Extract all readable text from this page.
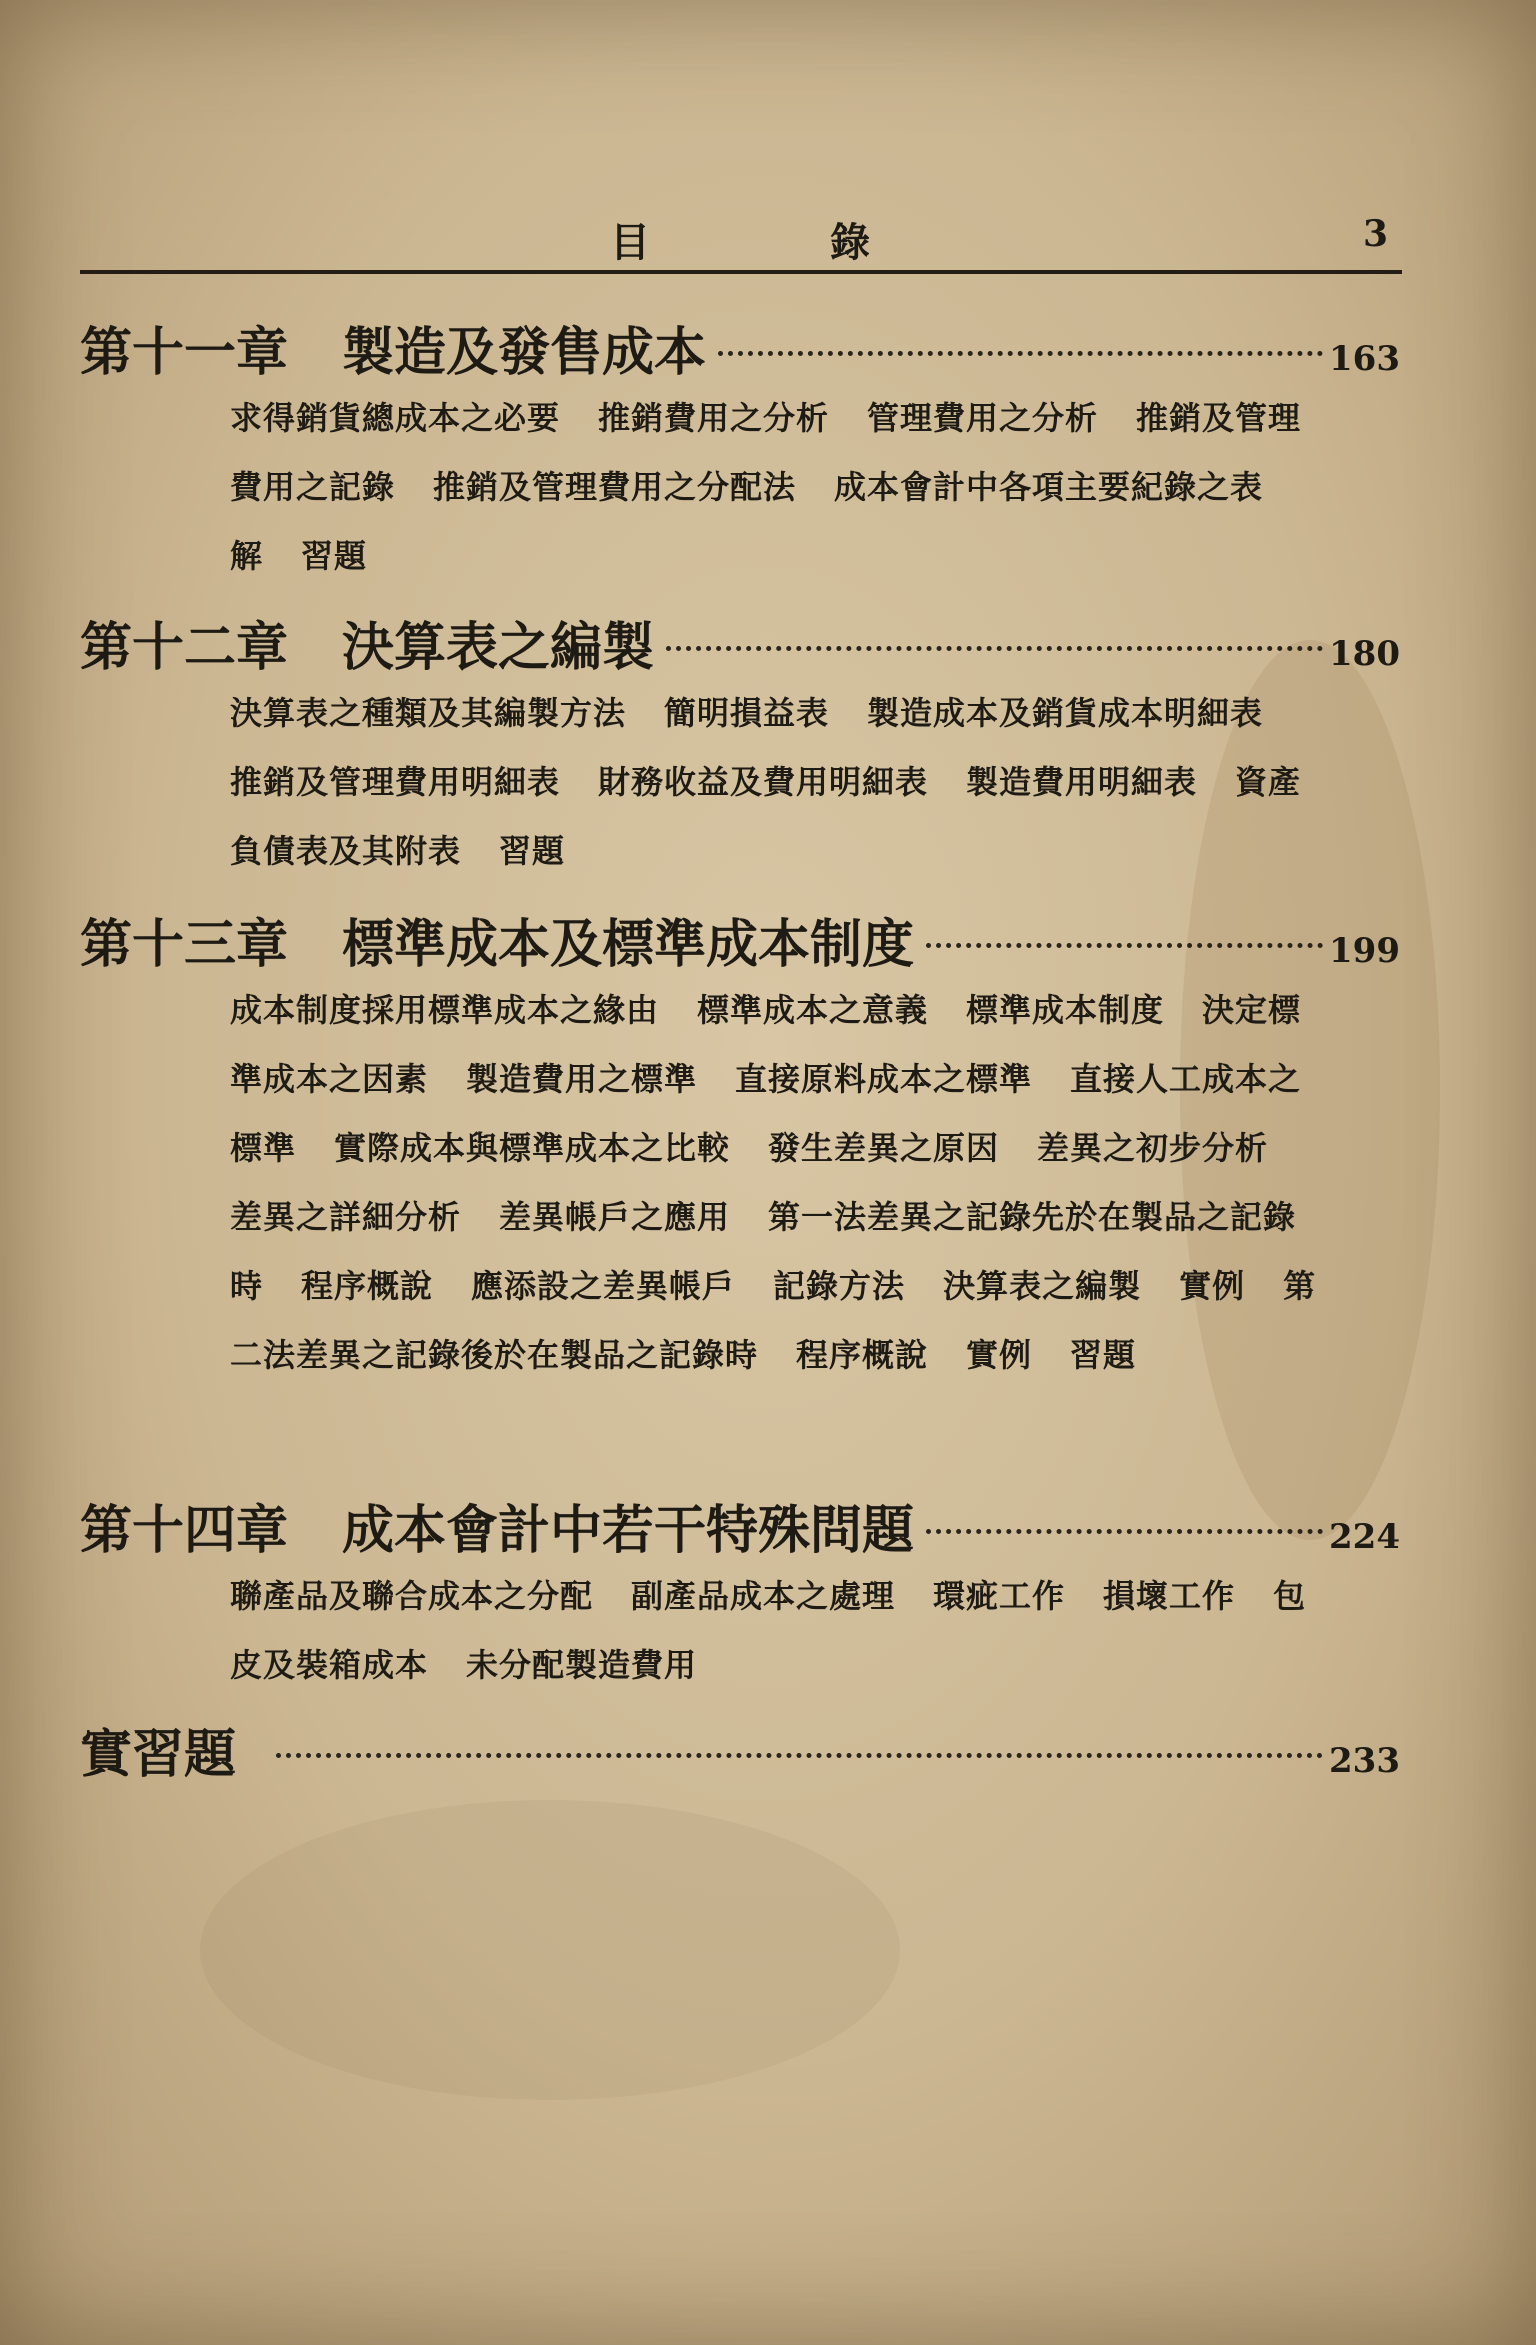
目錄	3
第十一章 製造及發售成本	163
求得銷貨總成本之必要 推銷費用之分析 管理費用之分析 推銷及管理費用之記錄 推銷及管理費用之分配法 成本會計中各項主要紀錄之表解 習題
第十二章 決算表之編製	180
決算表之種類及其編製方法 簡明損益表 製造成本及銷貨成本明細表推銷及管理費用明細表 財務收益及費用明細表 製造費用明細表 資產負債表及其附表 習題
第十三章 標準成本及標準成本制度	199
成本制度採用標準成本之緣由 標準成本之意義 標準成本制度 決定標準成本之因素 製造費用之標準 直接原料成本之標準 直接人工成本之標準 實際成本與標準成本之比較 發生差異之原因 差異之初步分析差異之詳細分析 差異帳戶之應用 第一法差異之記錄先於在製品之記錄時 程序概說 應添設之差異帳戶 記錄方法 決算表之編製 實例 第二法差異之記錄後於在製品之記錄時 程序概說 實例 習題
第十四章 成本會計中若干特殊問題	224
聯產品及聯合成本之分配 副產品成本之處理 環疵工作 損壞工作 包皮及裝箱成本 未分配製造費用
實習題	233
